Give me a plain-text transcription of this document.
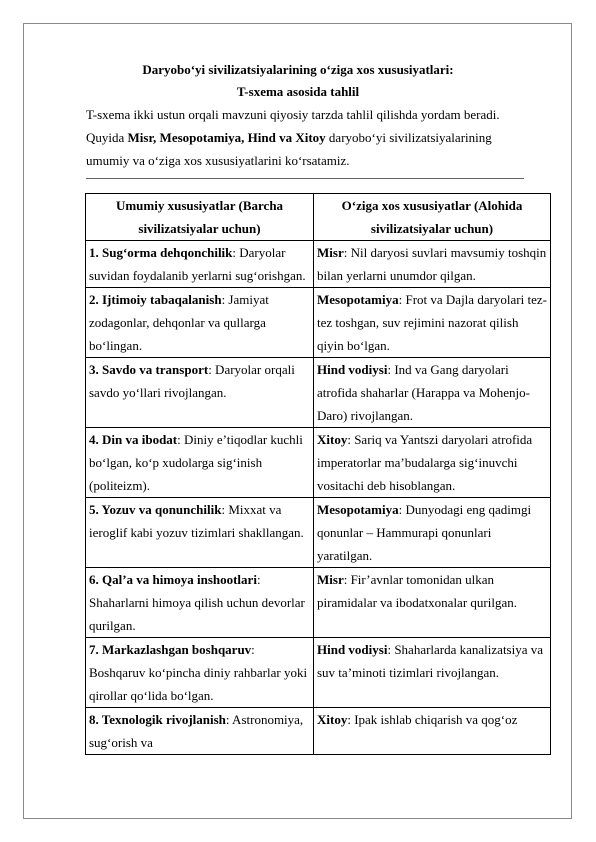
Daryobo‘yi sivilizatsiyalarining o‘ziga xos xususiyatlari:
T-sxema asosida tahlil

T-sxema ikki ustun orqali mavzuni qiyosiy tarzda tahlil qilishda yordam beradi.

Quyida Misr, Mesopotamiya, Hind va Xitoy daryobo‘yi sivilizatsiyalarining

umumiy va o‘ziga xos xususiyatlarini ko‘rsatamiz.

Umumiy xususiyatlar (Barcha sivilizatsiyalar uchun)	O‘ziga xos xususiyatlar (Alohida sivilizatsiyalar uchun)
1. Sug‘orma dehqonchilik: Daryolar suvidan foydalanib yerlarni sug‘orishgan.	Misr: Nil daryosi suvlari mavsumiy toshqin bilan yerlarni unumdor qilgan.
2. Ijtimoiy tabaqalanish: Jamiyat zodagonlar, dehqonlar va qullarga bo‘lingan.	Mesopotamiya: Frot va Dajla daryolari tez-tez toshgan, suv rejimini nazorat qilish qiyin bo‘lgan.
3. Savdo va transport: Daryolar orqali savdo yo‘llari rivojlangan.	Hind vodiysi: Ind va Gang daryolari atrofida shaharlar (Harappa va Mohenjo-Daro) rivojlangan.
4. Din va ibodat: Diniy e’tiqodlar kuchli bo‘lgan, ko‘p xudolarga sig‘inish (politeizm).	Xitoy: Sariq va Yantszi daryolari atrofida imperatorlar ma’budalarga sig‘inuvchi vositachi deb hisoblangan.
5. Yozuv va qonunchilik: Mixxat va ieroglif kabi yozuv tizimlari shakllangan.	Mesopotamiya: Dunyodagi eng qadimgi qonunlar – Hammurapi qonunlari yaratilgan.
6. Qal’a va himoya inshootlari: Shaharlarni himoya qilish uchun devorlar qurilgan.	Misr: Fir’avnlar tomonidan ulkan piramidalar va ibodatxonalar qurilgan.
7. Markazlashgan boshqaruv: Boshqaruv ko‘pincha diniy rahbarlar yoki qirollar qo‘lida bo‘lgan.	Hind vodiysi: Shaharlarda kanalizatsiya va suv ta’minoti tizimlari rivojlangan.
8. Texnologik rivojlanish: Astronomiya, sug‘orish va	Xitoy: Ipak ishlab chiqarish va qog‘oz
